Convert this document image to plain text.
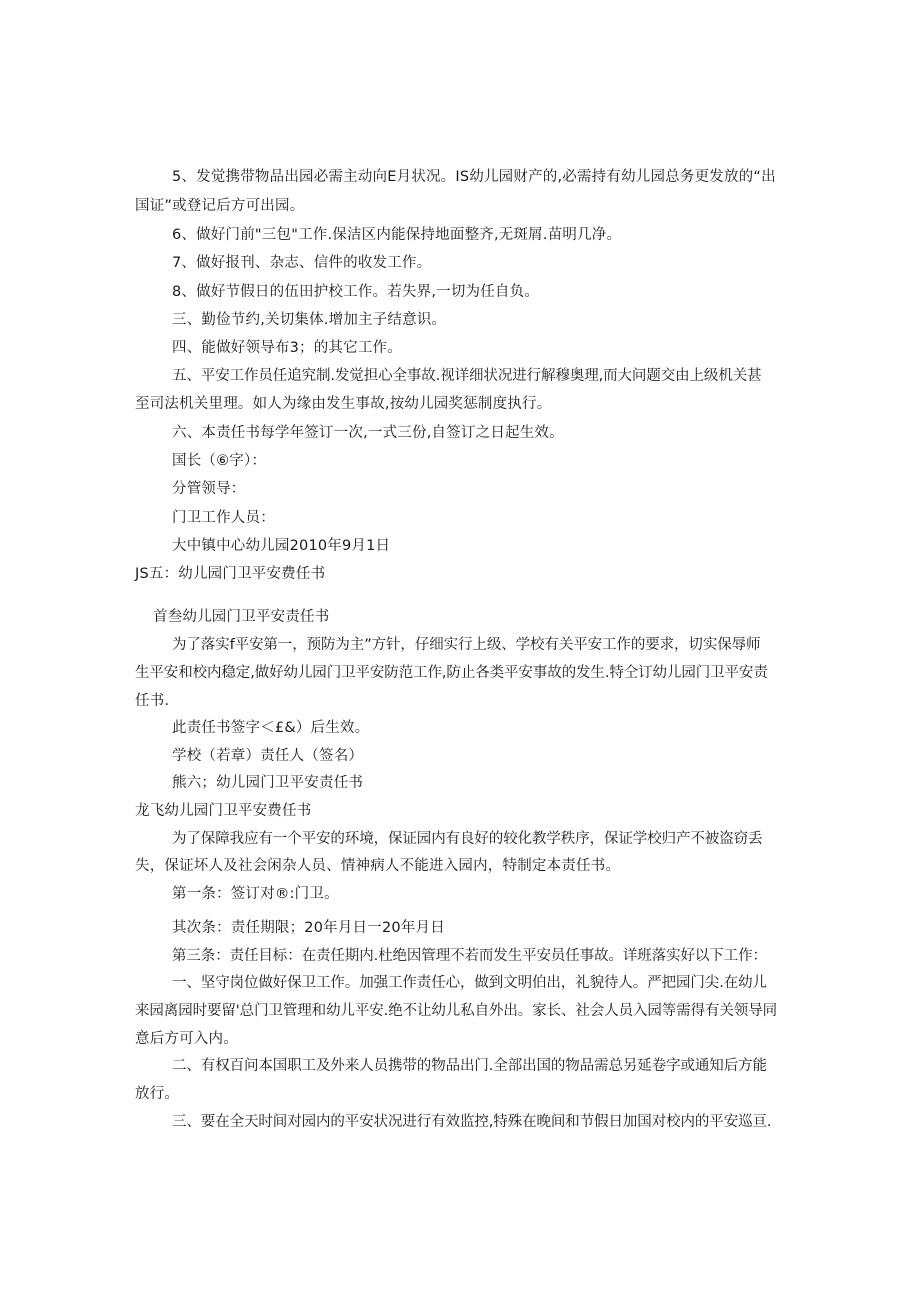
5、发觉携带物品出园必需主动向E月状况。IS幼儿园财产的,必需持有幼儿园总务更发放的“出
国证”或登记后方可出园。
6、做好门前"三包"工作.保洁区内能保持地面整齐,无斑屑.苗明几净。
7、做好报刊、杂志、信件的收发工作。
8、做好节假日的伍田护校工作。若失界,一切为任自负。
三、勤俭节约,关切集体.增加主子结意识。
四、能做好领导布3；的其它工作。
五、平安工作员任追究制.发觉担心全事故.视详细状况进行解穆奥理,而大问题交由上级机关甚
至司法机关里理。如人为缘由发生事故,按幼儿园奖惩制度执行。
六、本责任书每学年签订一次,一式三份,自签订之日起生效。
国长（⑥字）：
分管领导：
门卫工作人员：
大中镇中心幼儿园2010年9月1日
JS五：幼儿园门卫平安费任书
首叁幼儿园门卫平安责任书
为了落实f平安第一，预防为主”方针，仔细实行上级、学校有关平安工作的要求，切实保辱师
生平安和校内稳定,做好幼儿园门卫平安防范工作,防止各类平安事故的发生.特仝订幼儿园门卫平安责
任书.
此责任书签字＜£&）后生效。
学校（若章）责任人（签名）
熊六；幼儿园门卫平安责任书
龙飞幼儿园门卫平安费任书
为了保障我应有一个平安的环境，保证园内有良好的较化教学秩序，保证学校归产不被盗窃丢
失，保证坏人及社会闲杂人员、情神病人不能进入园内，特制定本责任书。
第一条：签订对®:门卫。
其次条：责任期限；20年月日一20年月日
第三条：责任目标：在责任期内.杜绝因管理不若而发生平安员任事故。详班落实好以下工作：
一、坚守岗位做好保卫工作。加强工作责任心，做到文明伯出，礼貌待人。严把园门尖.在幼儿
来园离园时要留'总门卫管理和幼儿平安.绝不让幼儿私自外出。家长、社会人员入园等需得有关领导同
意后方可入内。
二、有权百问本国职工及外来人员携带的物品出门.全部出国的物品需总另延卷字或通知后方能
放行。
三、要在全天时间对园内的平安状况进行有效监控,特殊在晚间和节假日加国对校内的平安巡亘.
